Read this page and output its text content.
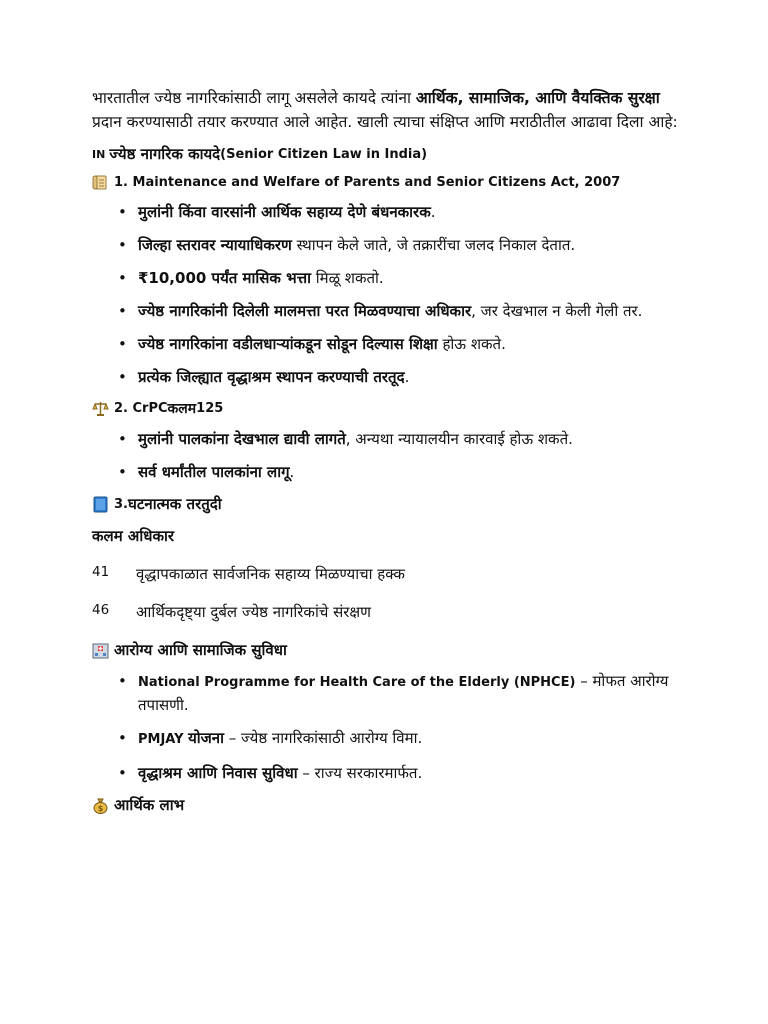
भारतातील ज्येष्ठ नागरिकांसाठी लागू असलेले कायदे त्यांना आर्थिक, सामाजिक, आणि वैयक्तिक सुरक्षा प्रदान करण्यासाठी तयार करण्यात आले आहेत. खाली त्याचा संक्षिप्त आणि मराठीतील आढावा दिला आहे:

IN ज्येष्ठ नागरिक कायदे (Senior Citizen Law in India)
1. Maintenance and Welfare of Parents and Senior Citizens Act, 2007
• मुलांनी किंवा वारसांनी आर्थिक सहाय्य देणे बंधनकारक.
• जिल्हा स्तरावर न्यायाधिकरण स्थापन केले जाते, जे तक्रारींचा जलद निकाल देतात.
• ₹10,000 पर्यंत मासिक भत्ता मिळू शकतो.
• ज्येष्ठ नागरिकांनी दिलेली मालमत्ता परत मिळवण्याचा अधिकार, जर देखभाल न केली गेली तर.
• ज्येष्ठ नागरिकांना वडीलधाऱ्यांकडून सोडून दिल्यास शिक्षा होऊ शकते.
• प्रत्येक जिल्ह्यात वृद्धाश्रम स्थापन करण्याची तरतूद.
2. CrPC कलम 125
• मुलांनी पालकांना देखभाल द्यावी लागते, अन्यथा न्यायालयीन कारवाई होऊ शकते.
• सर्व धर्मांतील पालकांना लागू.
3. घटनात्मक तरतुदी
कलम अधिकार
41	वृद्धापकाळात सार्वजनिक सहाय्य मिळण्याचा हक्क
46	आर्थिकदृष्ट्या दुर्बल ज्येष्ठ नागरिकांचे संरक्षण
आरोग्य आणि सामाजिक सुविधा
• National Programme for Health Care of the Elderly (NPHCE) – मोफत आरोग्य तपासणी.
• PMJAY योजना – ज्येष्ठ नागरिकांसाठी आरोग्य विमा.
• वृद्धाश्रम आणि निवास सुविधा – राज्य सरकारमार्फत.
$ आर्थिक लाभ
